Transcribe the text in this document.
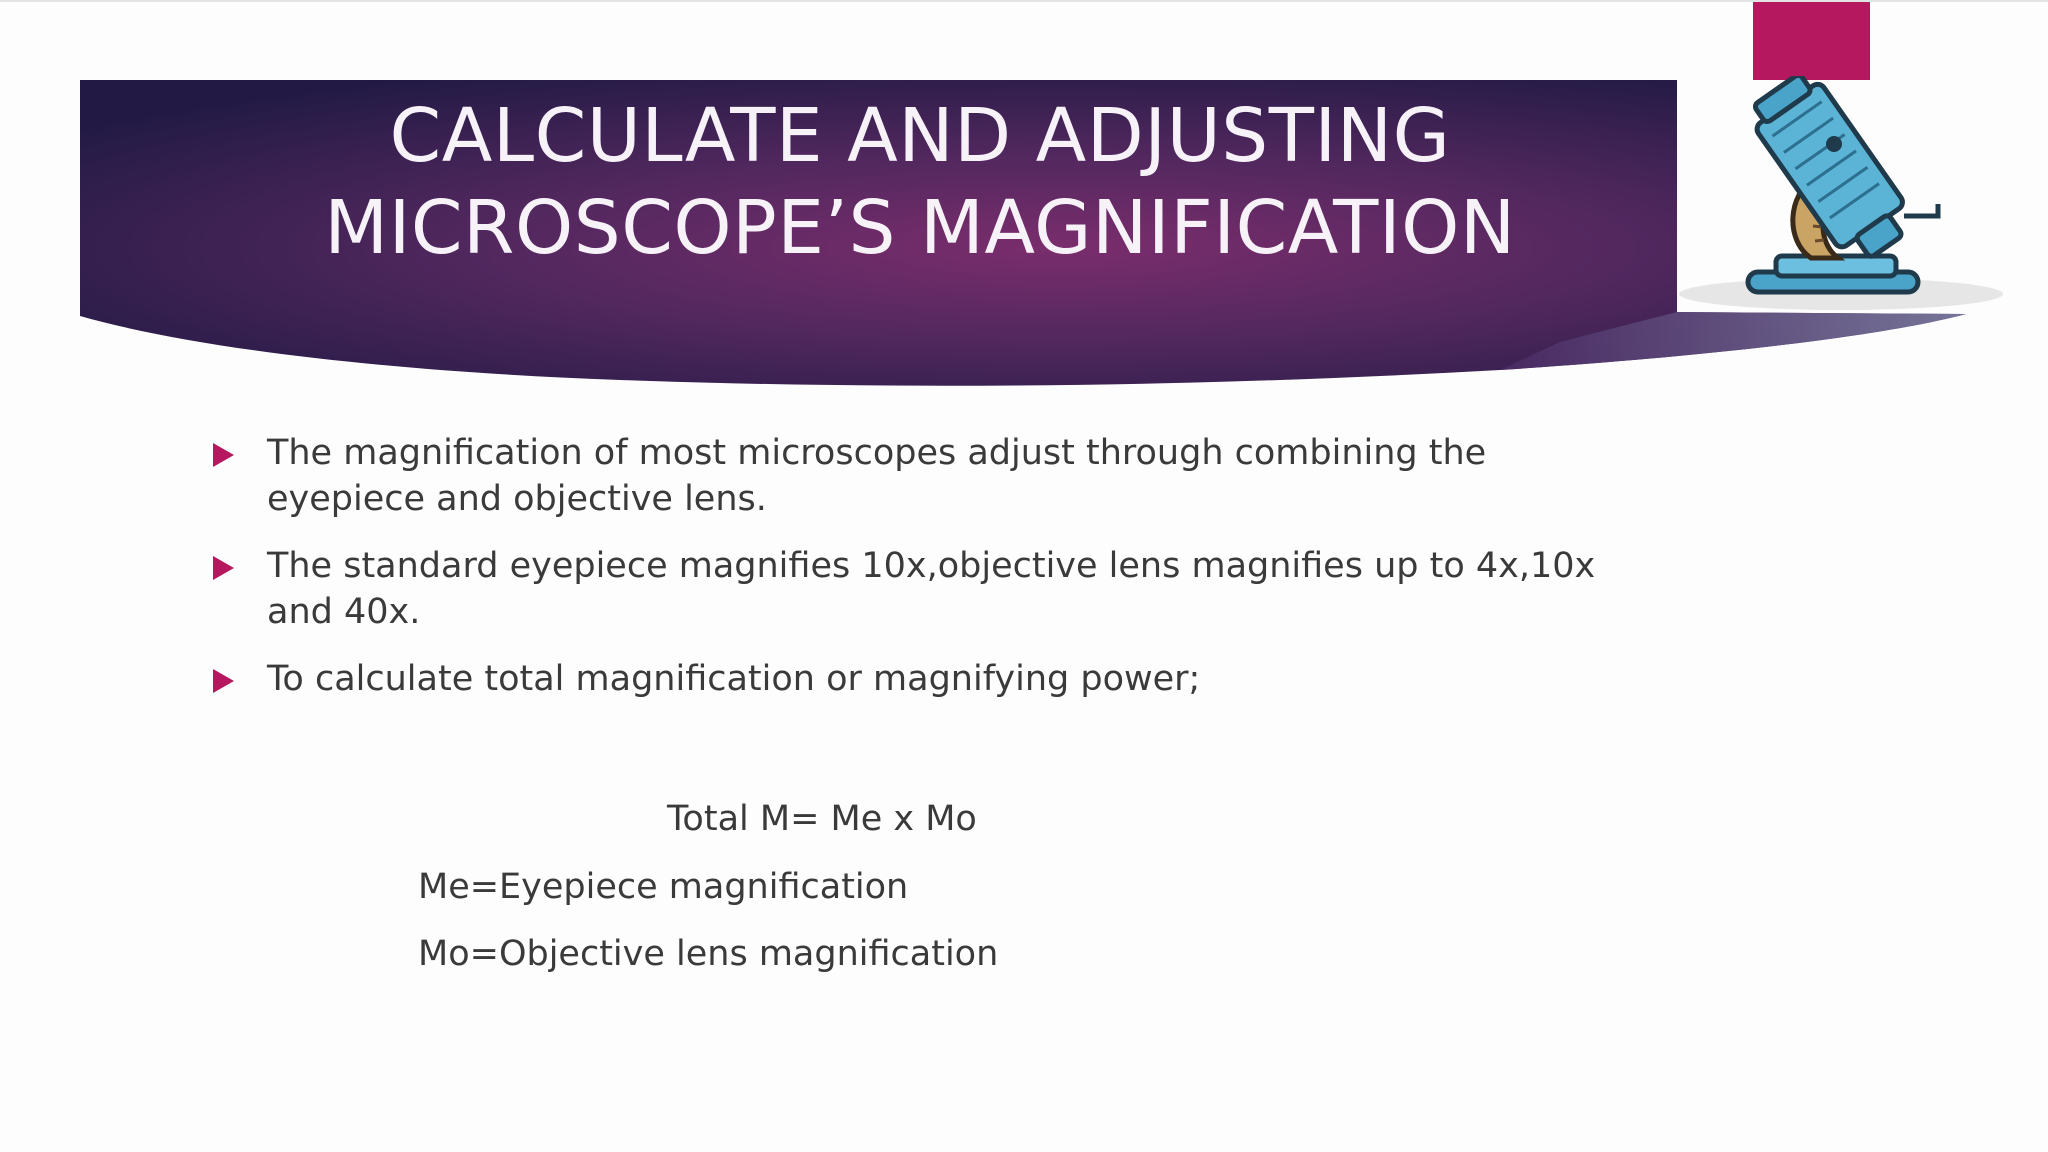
CALCULATE AND ADJUSTING
MICROSCOPE’S MAGNIFICATION
The magnification of most microscopes adjust through combining the eyepiece and objective lens.
The standard eyepiece magnifies 10x,objective lens magnifies up to 4x,10x and 40x.
To calculate total magnification or magnifying power;
Total M= Me x Mo
Me=Eyepiece magnification
Mo=Objective lens magnification
